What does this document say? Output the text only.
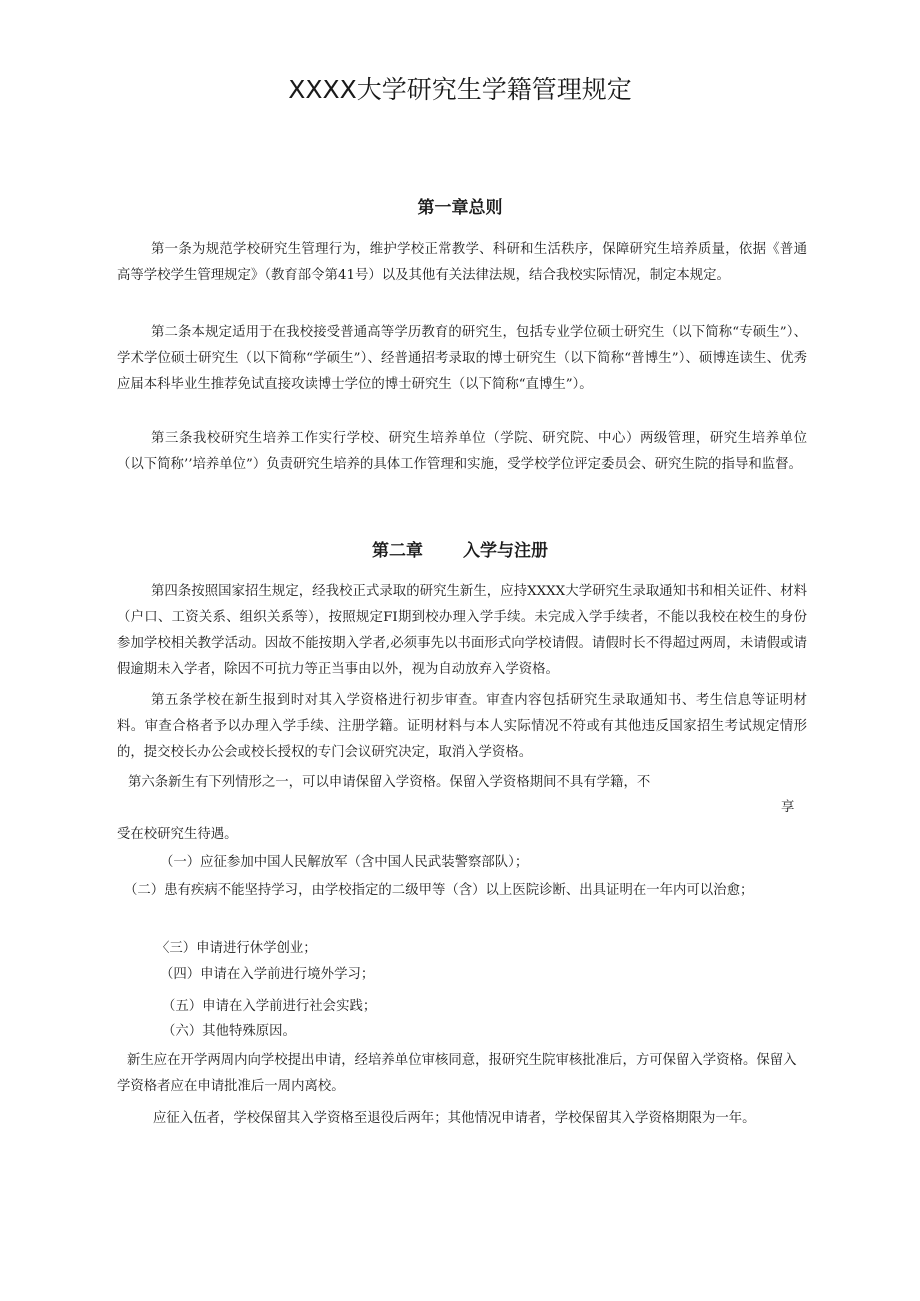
XXXX大学研究生学籍管理规定
第一章总则

第一条为规范学校研究生管理行为，维护学校正常教学、科研和生活秩序，保障研究生培养质量，依据《普通高等学校学生管理规定》（教育部令第41号）以及其他有关法律法规，结合我校实际情况，制定本规定。

第二条本规定适用于在我校接受普通高等学历教育的研究生，包括专业学位硕士研究生（以下简称“专硕生”）、学术学位硕士研究生（以下简称“学硕生”）、经普通招考录取的博士研究生（以下简称“普博生”）、硕博连读生、优秀应届本科毕业生推荐免试直接攻读博士学位的博士研究生（以下简称“直博生”）。

第三条我校研究生培养工作实行学校、研究生培养单位（学院、研究院、中心）两级管理，研究生培养单位（以下简称’’培养单位”）负责研究生培养的具体工作管理和实施，受学校学位评定委员会、研究生院的指导和监督。

第二章 入学与注册

第四条按照国家招生规定，经我校正式录取的研究生新生，应持XXXX大学研究生录取通知书和相关证件、材料（户口、工资关系、组织关系等），按照规定FI期到校办理入学手续。未完成入学手续者，不能以我校在校生的身份参加学校相关教学活动。因故不能按期入学者,必须事先以书面形式向学校请假。请假时长不得超过两周，未请假或请假逾期未入学者，除因不可抗力等正当事由以外，视为自动放弃入学资格。

第五条学校在新生报到时对其入学资格进行初步审查。审查内容包括研究生录取通知书、考生信息等证明材料。审查合格者予以办理入学手续、注册学籍。证明材料与本人实际情况不符或有其他违反国家招生考试规定情形的，提交校长办公会或校长授权的专门会议研究决定，取消入学资格。

第六条新生有下列情形之一，可以申请保留入学资格。保留入学资格期间不具有学籍，不

享

受在校研究生待遇。

（一）应征参加中国人民解放军（含中国人民武装警察部队）；

（二）患有疾病不能坚持学习，由学校指定的二级甲等（含）以上医院诊断、出具证明在一年内可以治愈；

〈三）申请进行休学创业；

（四）申请在入学前进行境外学习；

（五）申请在入学前进行社会实践；

（六）其他特殊原因。

新生应在开学两周内向学校提出申请，经培养单位审核同意，报研究生院审核批准后，方可保留入学资格。保留入学资格者应在申请批准后一周内离校。

应征入伍者，学校保留其入学资格至退役后两年；其他情况申请者，学校保留其入学资格期限为一年。
